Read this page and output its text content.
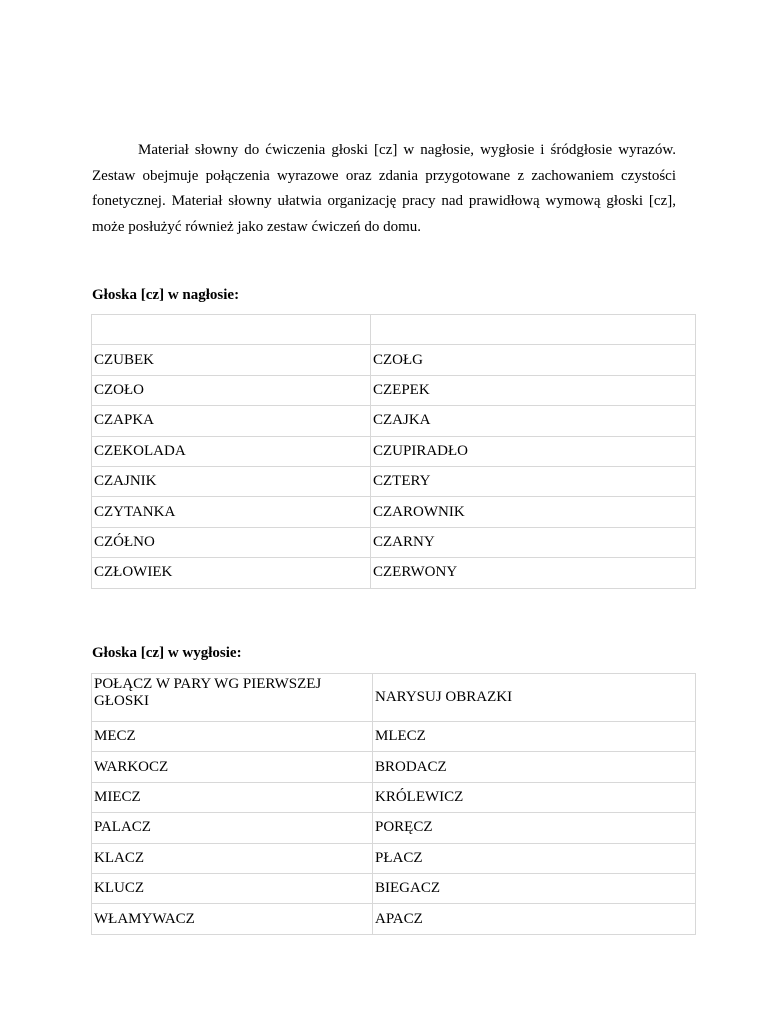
Materiał słowny do ćwiczenia głoski [cz] w nagłosie, wygłosie i śródgłosie wyrazów. Zestaw obejmuje połączenia wyrazowe oraz zdania przygotowane z zachowaniem czystości fonetycznej. Materiał słowny ułatwia organizację pracy nad prawidłową wymową głoski [cz], może posłużyć również jako zestaw ćwiczeń do domu.

Głoska [cz] w nagłosie:

CZUBEK	CZOŁG
CZOŁO	CZEPEK
CZAPKA	CZAJKA
CZEKOLADA	CZUPIRADŁO
CZAJNIK	CZTERY
CZYTANKA	CZAROWNIK
CZÓŁNO	CZARNY
CZŁOWIEK	CZERWONY

Głoska [cz] w wygłosie:

POŁĄCZ W PARY WG PIERWSZEJ GŁOSKI	NARYSUJ OBRAZKI
MECZ	MLECZ
WARKOCZ	BRODACZ
MIECZ	KRÓLEWICZ
PALACZ	PORĘCZ
KLACZ	PŁACZ
KLUCZ	BIEGACZ
WŁAMYWACZ	APACZ
